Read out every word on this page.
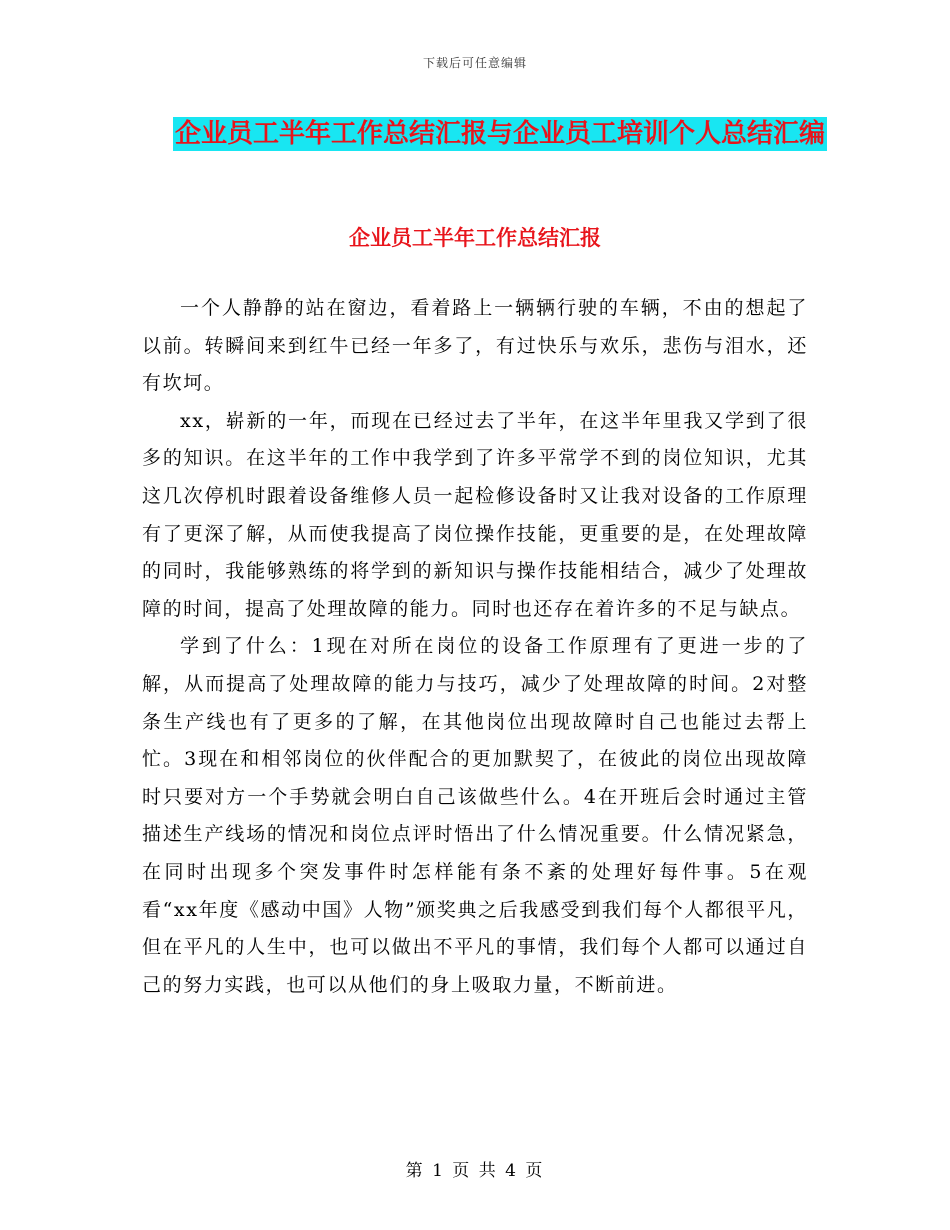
下载后可任意编辑
企业员工半年工作总结汇报与企业员工培训个人总结汇编
企业员工半年工作总结汇报

一个人静静的站在窗边，看着路上一辆辆行驶的车辆，不由的想起了以前。转瞬间来到红牛已经一年多了，有过快乐与欢乐，悲伤与泪水，还有坎坷。

xx，崭新的一年，而现在已经过去了半年，在这半年里我又学到了很多的知识。在这半年的工作中我学到了许多平常学不到的岗位知识，尤其这几次停机时跟着设备维修人员一起检修设备时又让我对设备的工作原理有了更深了解，从而使我提高了岗位操作技能，更重要的是，在处理故障的同时，我能够熟练的将学到的新知识与操作技能相结合，减少了处理故障的时间，提高了处理故障的能力。同时也还存在着许多的不足与缺点。

学到了什么：1现在对所在岗位的设备工作原理有了更进一步的了解，从而提高了处理故障的能力与技巧，减少了处理故障的时间。2对整条生产线也有了更多的了解，在其他岗位出现故障时自己也能过去帮上忙。3现在和相邻岗位的伙伴配合的更加默契了，在彼此的岗位出现故障时只要对方一个手势就会明白自己该做些什么。4在开班后会时通过主管描述生产线场的情况和岗位点评时悟出了什么情况重要。什么情况紧急，在同时出现多个突发事件时怎样能有条不紊的处理好每件事。5在观看“xx年度《感动中国》人物”颁奖典之后我感受到我们每个人都很平凡，但在平凡的人生中，也可以做出不平凡的事情，我们每个人都可以通过自己的努力实践，也可以从他们的身上吸取力量，不断前进。

第 1 页 共 4 页
